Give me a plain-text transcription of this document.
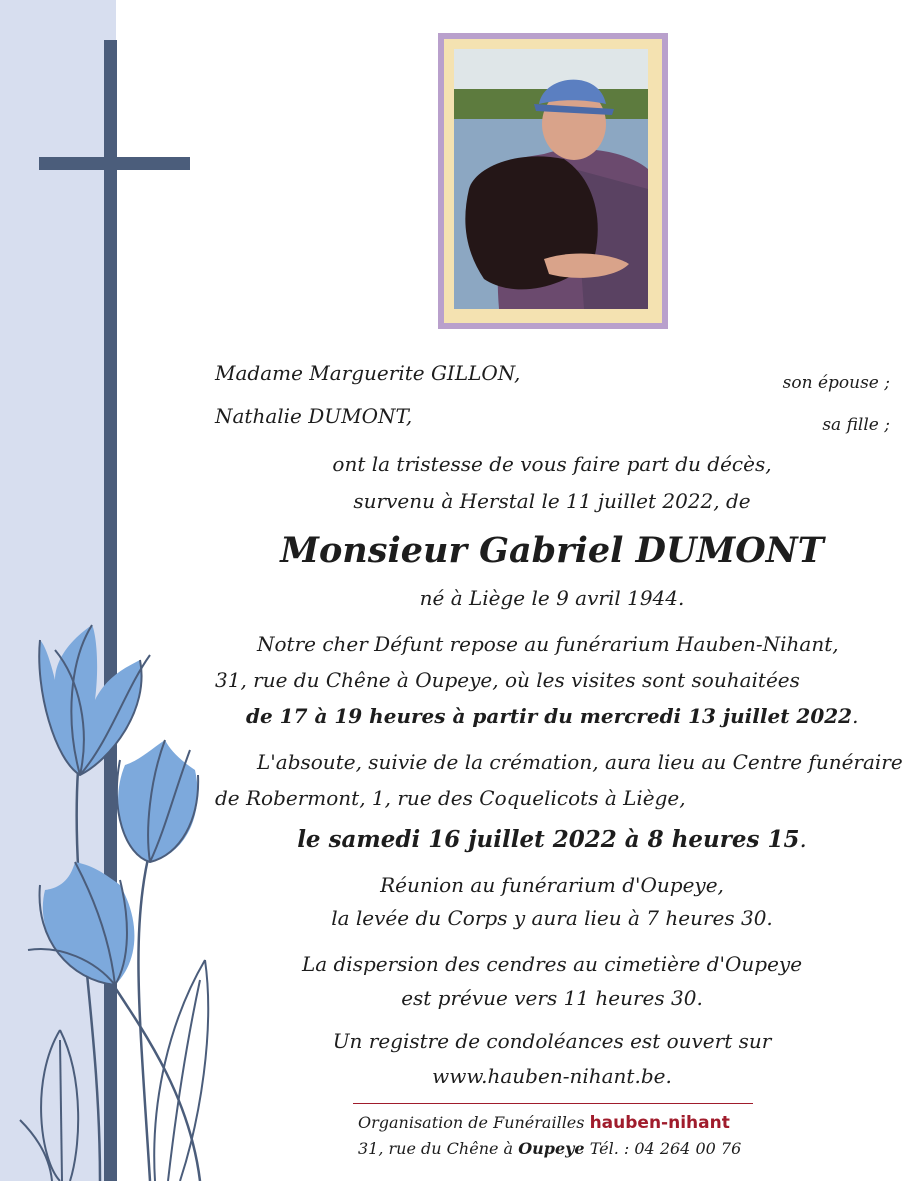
Madame Marguerite GILLON,	son épouse ;

Nathalie DUMONT,	sa fille ;

ont la tristesse de vous faire part du décès,

survenu à Herstal le 11 juillet 2022, de

Monsieur Gabriel DUMONT

né à Liège le 9 avril 1944.

Notre cher Défunt repose au funérarium Hauben-Nihant,

31, rue du Chêne à Oupeye, où les visites sont souhaitées

de 17 à 19 heures à partir du mercredi 13 juillet 2022.

L'absoute, suivie de la crémation, aura lieu au Centre funéraire

de Robermont, 1, rue des Coquelicots à Liège,

le samedi 16 juillet 2022 à 8 heures 15.

Réunion au funérarium d'Oupeye,

la levée du Corps y aura lieu à 7 heures 30.

La dispersion des cendres au cimetière d'Oupeye

est prévue vers 11 heures 30.

Un registre de condoléances est ouvert sur

www.hauben-nihant.be.

Organisation de Funérailles hauben-nihant

31, rue du Chêne à Oupeye Tél. : 04 264 00 76
